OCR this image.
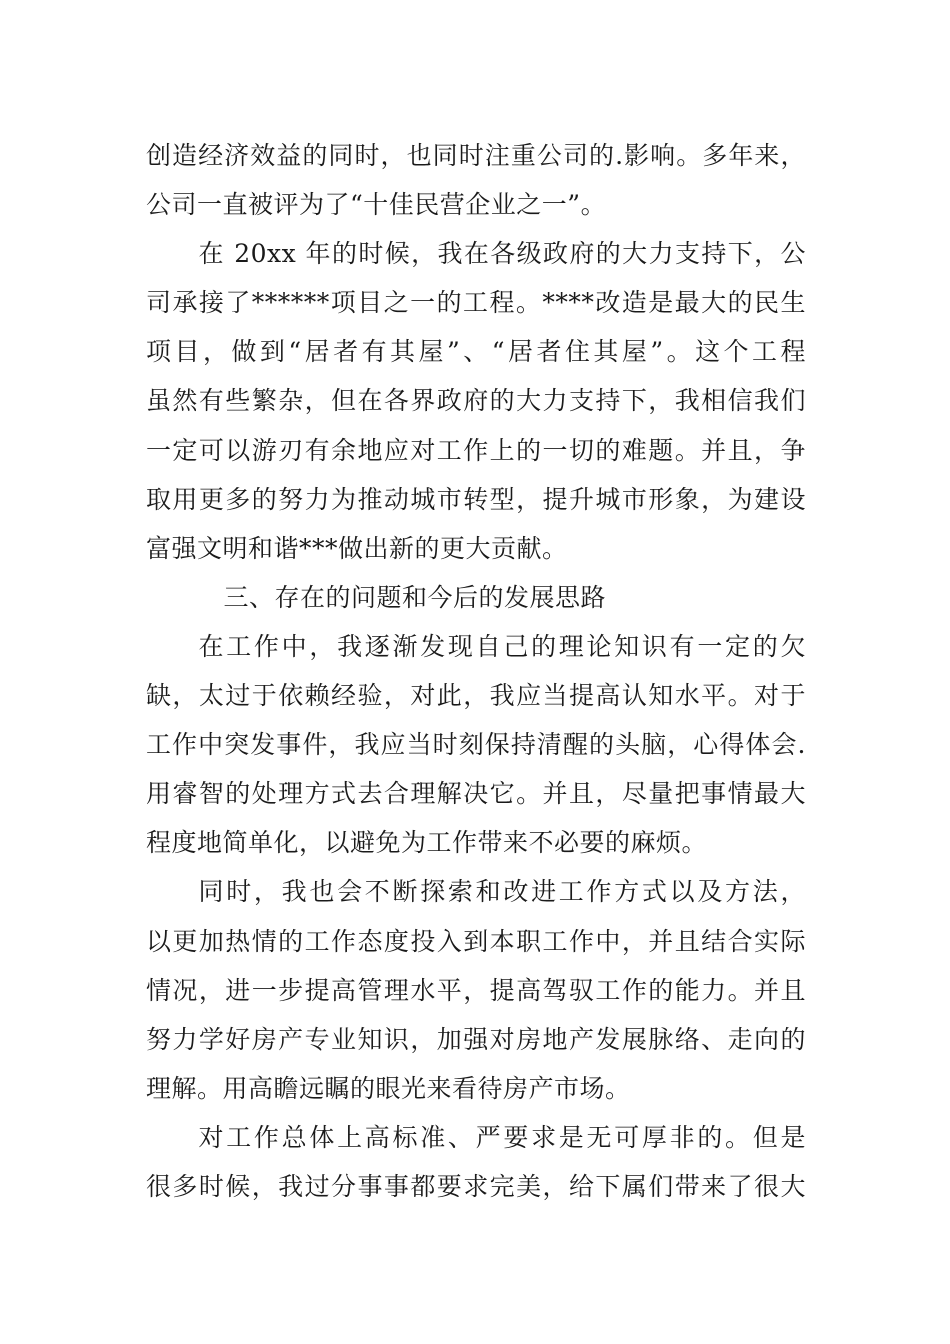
创造经济效益的同时，也同时注重公司的.影响。多年来，
公司一直被评为了“十佳民营企业之一”。
在 20xx 年的时候，我在各级政府的大力支持下，公
司承接了******项目之一的工程。****改造是最大的民生
项目，做到“居者有其屋”、“居者住其屋”。这个工程
虽然有些繁杂，但在各界政府的大力支持下，我相信我们
一定可以游刃有余地应对工作上的一切的难题。并且，争
取用更多的努力为推动城市转型，提升城市形象，为建设
富强文明和谐***做出新的更大贡献。
三、存在的问题和今后的发展思路
在工作中，我逐渐发现自己的理论知识有一定的欠
缺，太过于依赖经验，对此，我应当提高认知水平。对于
工作中突发事件，我应当时刻保持清醒的头脑，心得体会.
用睿智的处理方式去合理解决它。并且，尽量把事情最大
程度地简单化，以避免为工作带来不必要的麻烦。
同时，我也会不断探索和改进工作方式以及方法，
以更加热情的工作态度投入到本职工作中，并且结合实际
情况，进一步提高管理水平，提高驾驭工作的能力。并且
努力学好房产专业知识，加强对房地产发展脉络、走向的
理解。用高瞻远瞩的眼光来看待房产市场。
对工作总体上高标准、严要求是无可厚非的。但是
很多时候，我过分事事都要求完美，给下属们带来了很大
